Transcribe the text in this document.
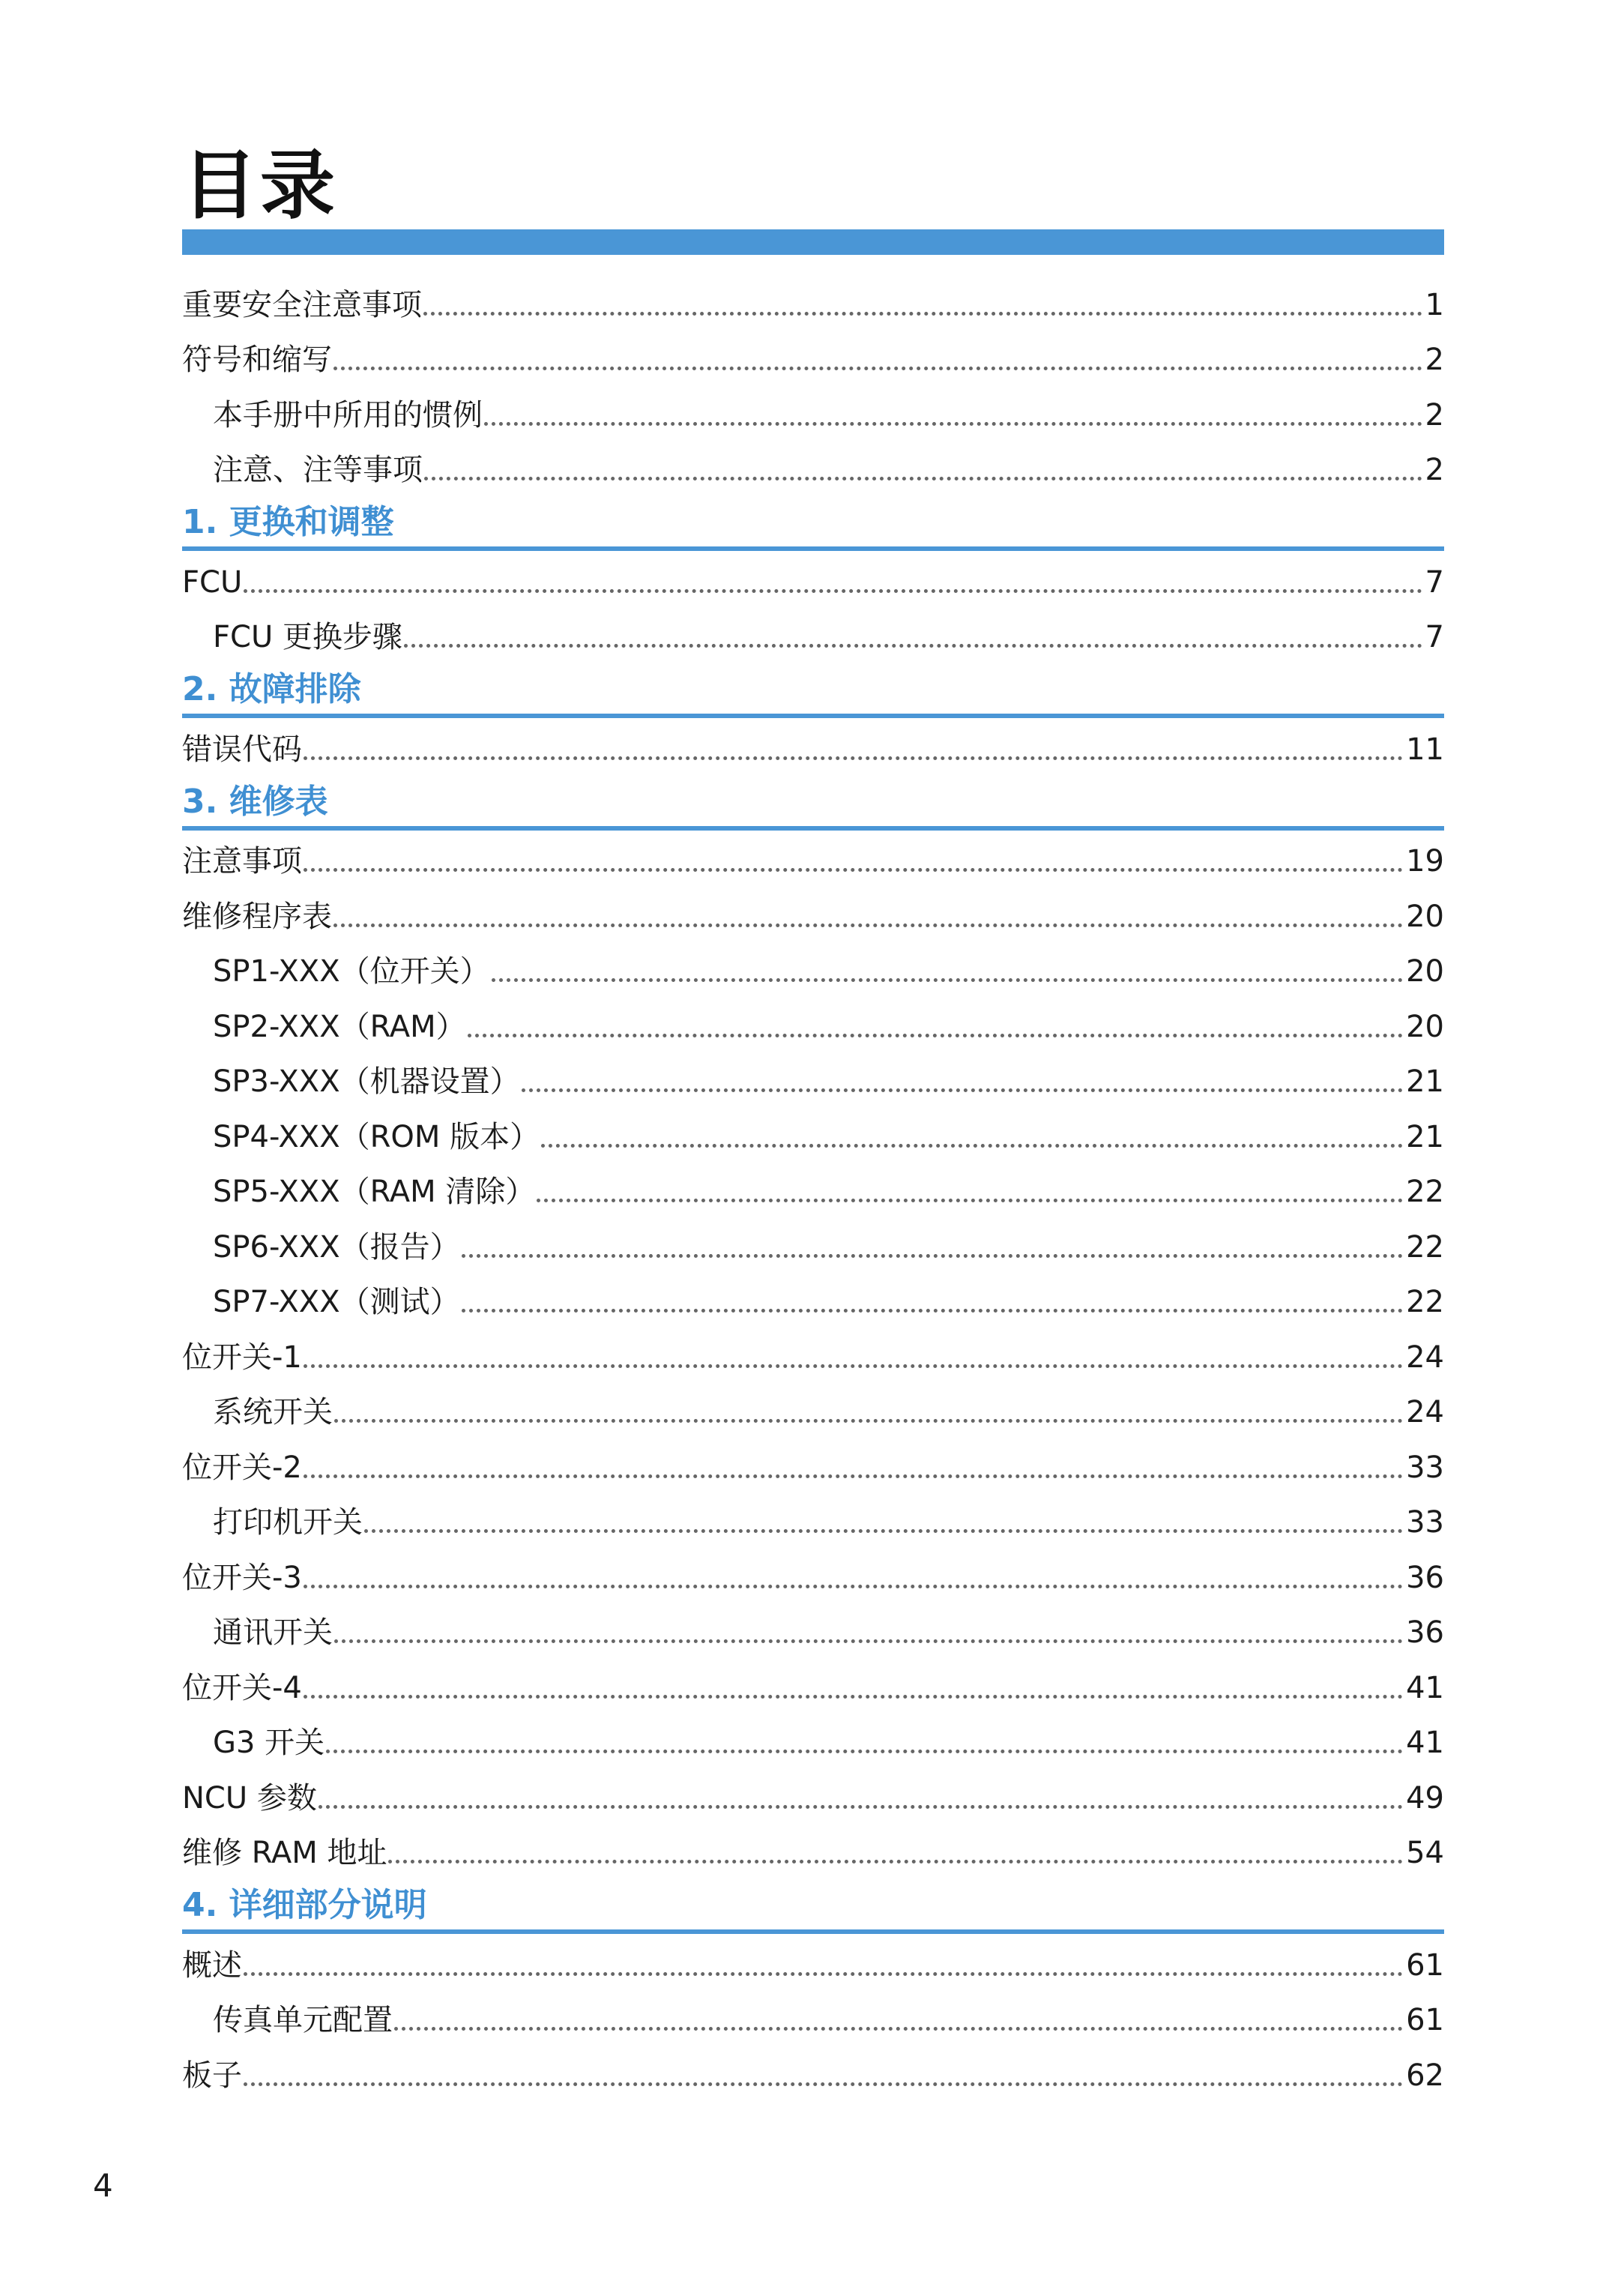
目录
重要安全注意事项	1
符号和缩写	2
本手册中所用的惯例	2
注意、注等事项	2
1. 更换和调整
FCU	7
FCU 更换步骤	7
2. 故障排除
错误代码	11
3. 维修表
注意事项	19
维修程序表	20
SP1-XXX（位开关）	20
SP2-XXX（RAM）	20
SP3-XXX（机器设置）	21
SP4-XXX（ROM 版本）	21
SP5-XXX（RAM 清除）	22
SP6-XXX（报告）	22
SP7-XXX（测试）	22
位开关-1	24
系统开关	24
位开关-2	33
打印机开关	33
位开关-3	36
通讯开关	36
位开关-4	41
G3 开关	41
NCU 参数	49
维修 RAM 地址	54
4. 详细部分说明
概述	61
传真单元配置	61
板子	62
4
